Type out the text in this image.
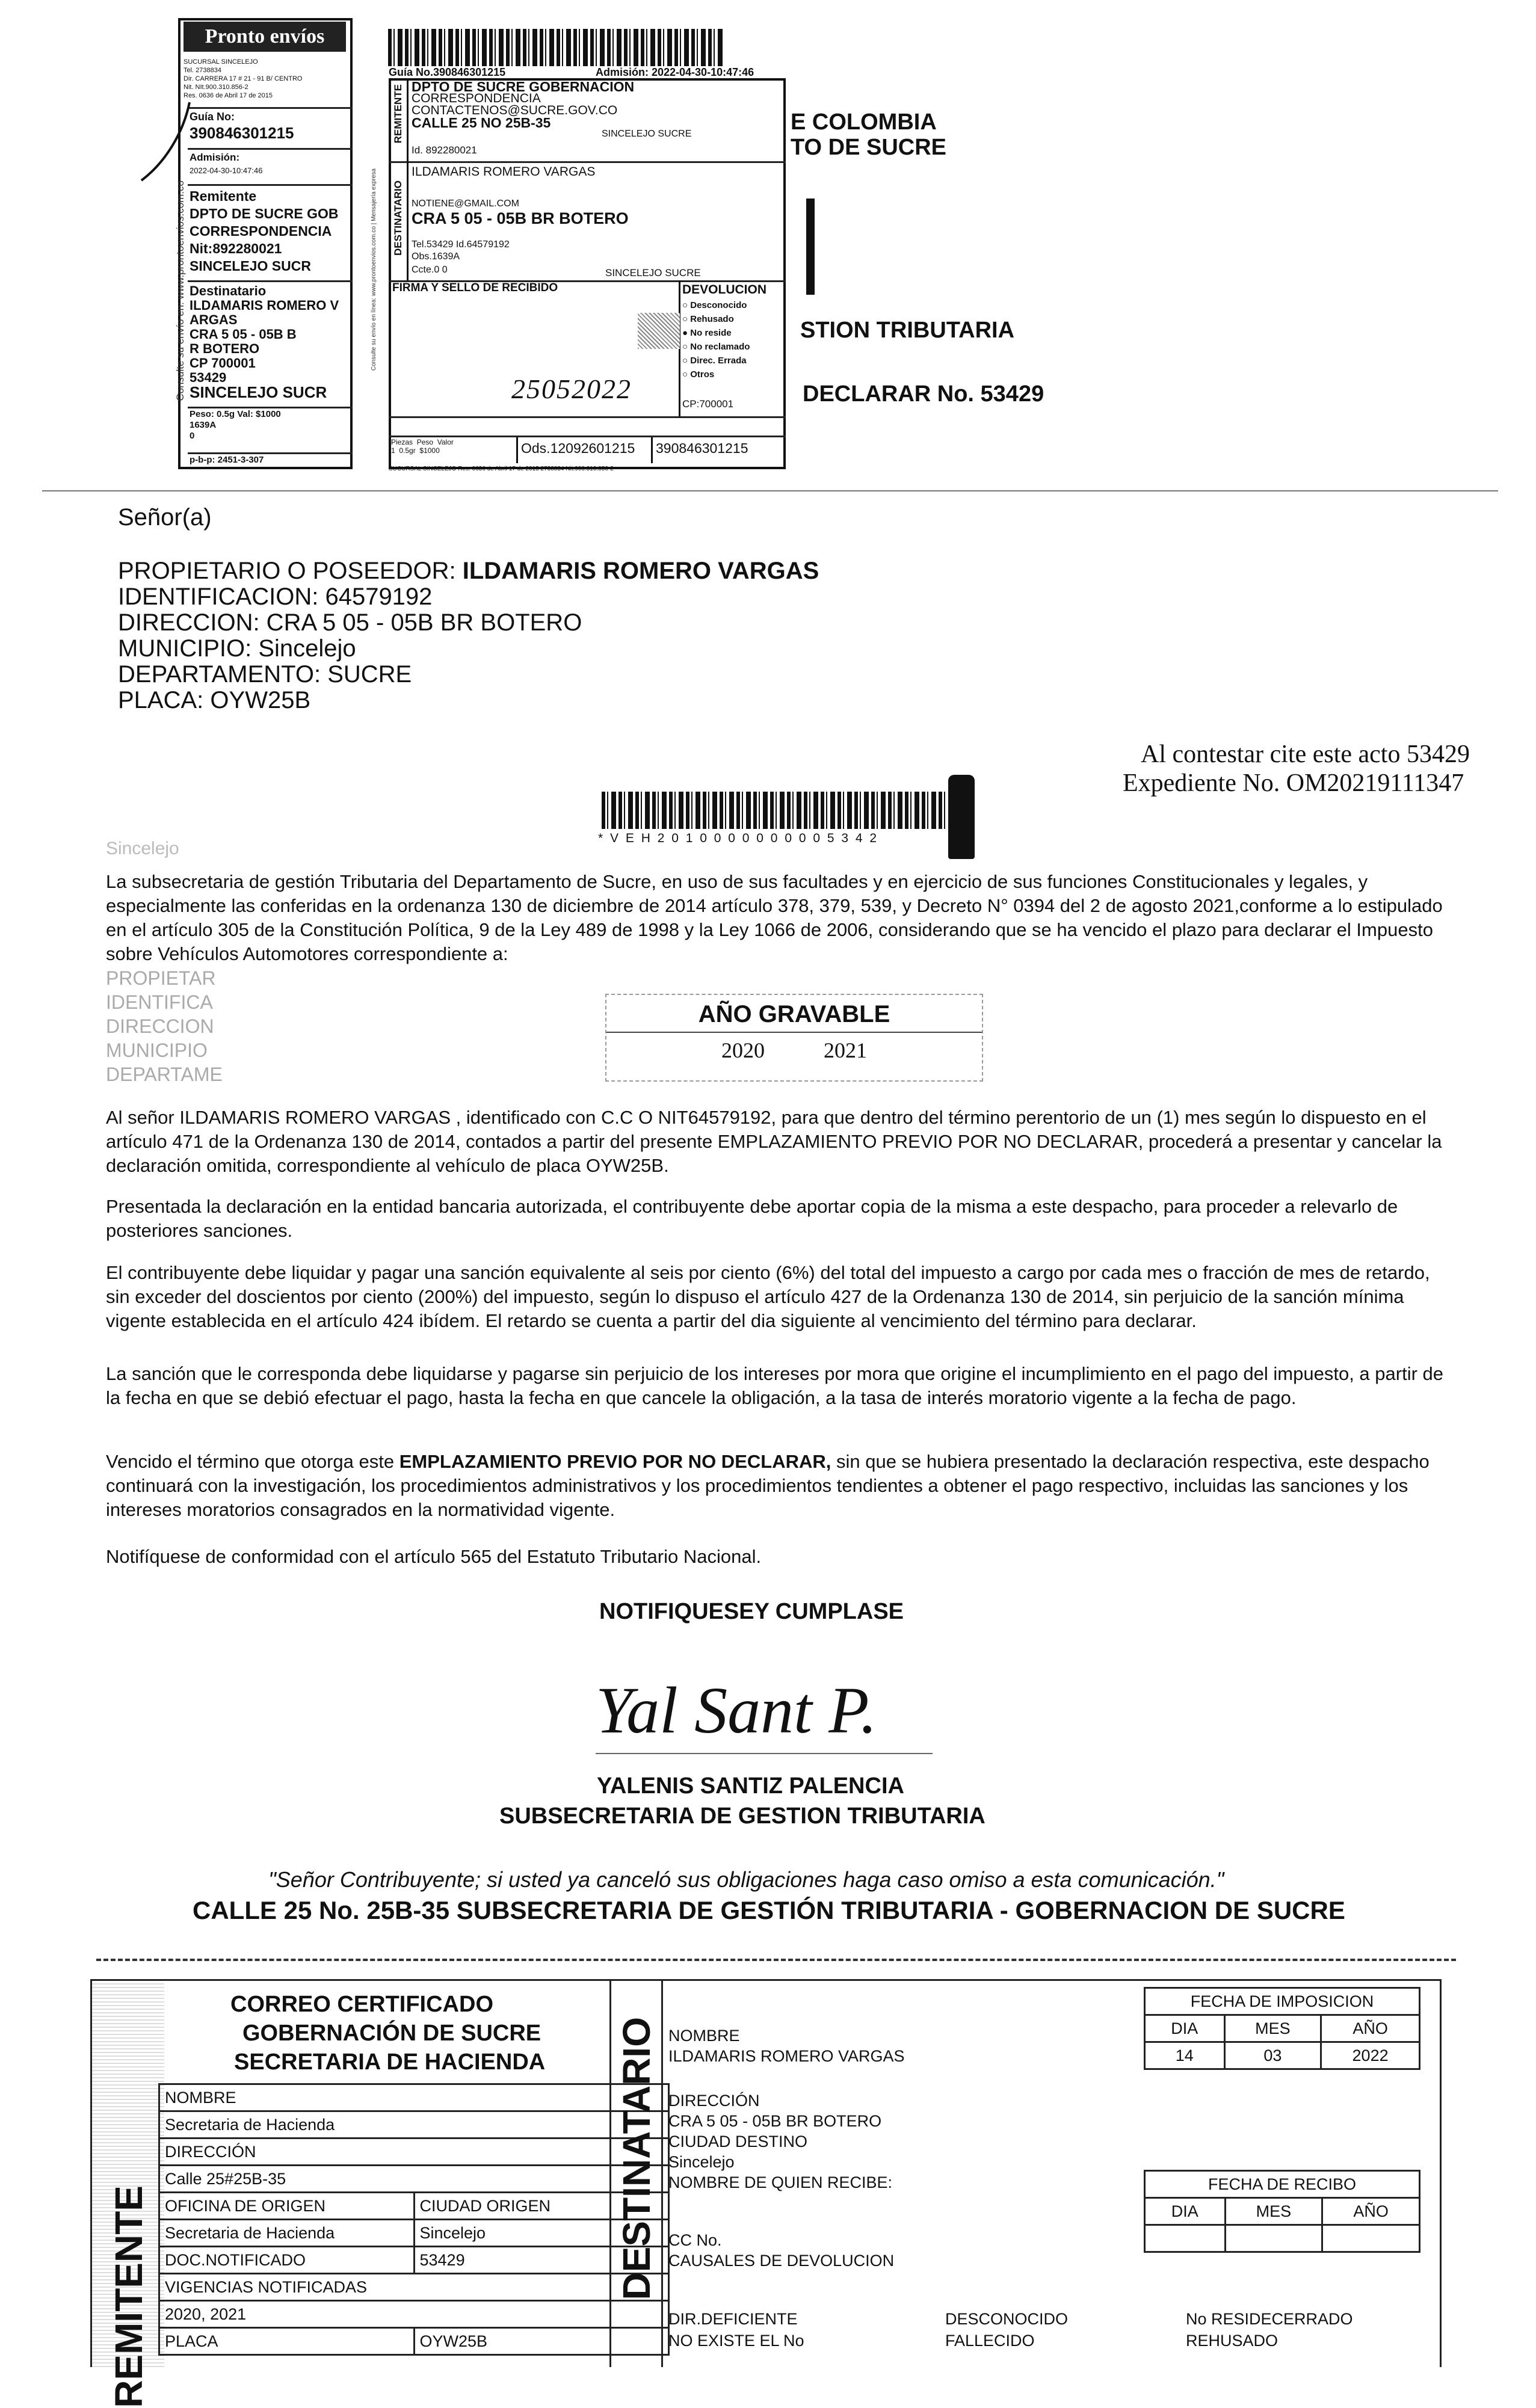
Pronto envíos
SUCURSAL SINCELEJO
Tel. 2738834
Dir. CARRERA 17 # 21 - 91 B/ CENTRO
Nit. NIt.900.310.856-2
Res. 0636 de Abril 17 de 2015
Guía No:
390846301215
Admisión:
2022-04-30-10:47:46
Remitente
DPTO DE SUCRE GOB
CORRESPONDENCIA
Nit:892280021
SINCELEJO SUCR
Destinatario
ILDAMARIS ROMERO V
ARGAS
CRA 5 05 - 05B B
R BOTERO
CP 700001
53429
SINCELEJO SUCR
Peso: 0.5g Val: $1000
1639A
0
p-b-p: 2451-3-307
Consulte su envío en: www.prontoenvios.com.co
Guía No.390846301215	Admisión: 2022-04-30-10:47:46
REMITENTE DPTO DE SUCRE GOBERNACION
CORRESPONDENCIA
CONTACTENOS@SUCRE.GOV.CO
CALLE 25 NO 25B-35
SINCELEJO SUCRE
Id. 892280021
DESTINATARIO
ILDAMARIS ROMERO VARGAS
NOTIENE@GMAIL.COM
CRA 5 05 - 05B BR BOTERO
Tel.53429 Id.64579192
Obs.1639A
Ccte.0 0	SINCELEJO SUCRE
FIRMA Y SELLO DE RECIBIDO
25052022
DEVOLUCION
○ Desconocido
○ Rehusado
● No reside
○ No reclamado
○ Direc. Errada
○ Otros
CP:700001
Piezas Peso Valor
1 0.5gr $1000	Ods.12092601215 390846301215
SUCURSAL SINCELEJO Res. 0636 de Abril 17 de 2015 2738834 Nit.900.310.856-2
Consulte su envío en línea: www.prontoenvios.com.co | Mensajería expresa
E COLOMBIA
TO DE SUCRE
STION TRIBUTARIA
DECLARAR No. 53429
Señor(a)
PROPIETARIO O POSEEDOR: ILDAMARIS ROMERO VARGAS
IDENTIFICACION: 64579192
DIRECCION: CRA 5 05 - 05B BR BOTERO
MUNICIPIO: Sincelejo
DEPARTAMENTO: SUCRE
PLACA: OYW25B
Al contestar cite este acto 53429
Expediente No. OM20219111347
* V E H 2 0 1 0 0 0 0 0 0 0 0 0 5 3 4 2
Sincelejo

La subsecretaria de gestión Tributaria del Departamento de Sucre, en uso de sus facultades y en ejercicio de sus funciones Constitucionales y legales, y especialmente las conferidas en la ordenanza 130 de diciembre de 2014 artículo 378, 379, 539, y Decreto N° 0394 del 2 de agosto 2021,conforme a lo estipulado en el artículo 305 de la Constitución Política, 9 de la Ley 489 de 1998 y la Ley 1066 de 2006, considerando que se ha vencido el plazo para declarar el Impuesto sobre Vehículos Automotores correspondiente a:

PROPIETAR
IDENTIFICA
DIRECCION
MUNICIPIO
DEPARTAME
AÑO GRAVABLE
2020	2021

Al señor ILDAMARIS ROMERO VARGAS , identificado con C.C O NIT64579192, para que dentro del término perentorio de un (1) mes según lo dispuesto en el artículo 471 de la Ordenanza 130 de 2014, contados a partir del presente EMPLAZAMIENTO PREVIO POR NO DECLARAR, procederá a presentar y cancelar la declaración omitida, correspondiente al vehículo de placa OYW25B.

Presentada la declaración en la entidad bancaria autorizada, el contribuyente debe aportar copia de la misma a este despacho, para proceder a relevarlo de posteriores sanciones.

El contribuyente debe liquidar y pagar una sanción equivalente al seis por ciento (6%) del total del impuesto a cargo por cada mes o fracción de mes de retardo, sin exceder del doscientos por ciento (200%) del impuesto, según lo dispuso el artículo 427 de la Ordenanza 130 de 2014, sin perjuicio de la sanción mínima vigente establecida en el artículo 424 ibídem. El retardo se cuenta a partir del dia siguiente al vencimiento del término para declarar.

La sanción que le corresponda debe liquidarse y pagarse sin perjuicio de los intereses por mora que origine el incumplimiento en el pago del impuesto, a partir de la fecha en que se debió efectuar el pago, hasta la fecha en que cancele la obligación, a la tasa de interés moratorio vigente a la fecha de pago.

Vencido el término que otorga este EMPLAZAMIENTO PREVIO POR NO DECLARAR, sin que se hubiera presentado la declaración respectiva, este despacho continuará con la investigación, los procedimientos administrativos y los procedimientos tendientes a obtener el pago respectivo, incluidas las sanciones y los intereses moratorios consagrados en la normatividad vigente.

Notifíquese de conformidad con el artículo 565 del Estatuto Tributario Nacional.

NOTIFIQUESEY CUMPLASE
Yal Sant P.
YALENIS SANTIZ PALENCIA
SUBSECRETARIA DE GESTION TRIBUTARIA
"Señor Contribuyente; si usted ya canceló sus obligaciones haga caso omiso a esta comunicación."
CALLE 25 No. 25B-35 SUBSECRETARIA DE GESTIÓN TRIBUTARIA - GOBERNACION DE SUCRE
REMITENTE
CORREO CERTIFICADO
GOBERNACIÓN DE SUCRE
SECRETARIA DE HACIENDA
NOMBRE	
Secretaria de Hacienda	
DIRECCIÓN	
Calle 25#25B-35	
OFICINA DE ORIGEN	CIUDAD ORIGEN
Secretaria de Hacienda	Sincelejo
DOC.NOTIFICADO	53429
VIGENCIAS NOTIFICADAS	
2020, 2021	
PLACA	OYW25B
DESTINATARIO NOMBRE
ILDAMARIS ROMERO VARGAS
DIRECCIÓN
CRA 5 05 - 05B BR BOTERO
CIUDAD DESTINO
Sincelejo
NOMBRE DE QUIEN RECIBE:
CC No.
CAUSALES DE DEVOLUCION
DIR.DEFICIENTE	DESCONOCIDO	No RESIDECERRADO
NO EXISTE EL No	FALLECIDO	REHUSADO
FECHA DE IMPOSICION		
DIA	MES	AÑO
14	03	2022
FECHA DE RECIBO		
DIA	MES	AÑO
